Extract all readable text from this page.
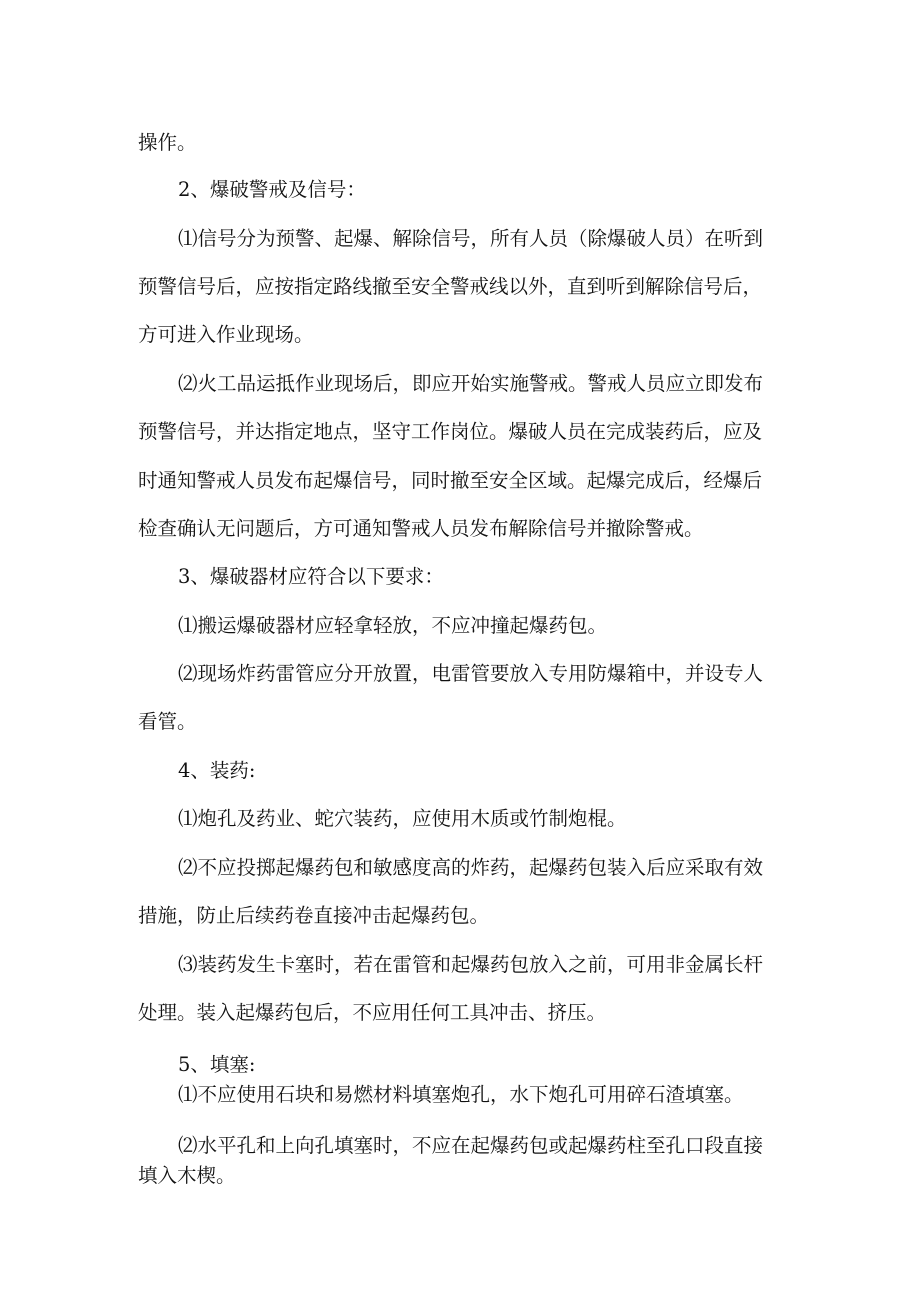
操作。
2、爆破警戒及信号：
⑴信号分为预警、起爆、解除信号，所有人员（除爆破人员）在听到
预警信号后，应按指定路线撤至安全警戒线以外，直到听到解除信号后，
方可进入作业现场。
⑵火工品运抵作业现场后，即应开始实施警戒。警戒人员应立即发布
预警信号，并达指定地点，坚守工作岗位。爆破人员在完成装药后，应及
时通知警戒人员发布起爆信号，同时撤至安全区域。起爆完成后，经爆后
检查确认无问题后，方可通知警戒人员发布解除信号并撤除警戒。
3、爆破器材应符合以下要求：
⑴搬运爆破器材应轻拿轻放，不应冲撞起爆药包。
⑵现场炸药雷管应分开放置，电雷管要放入专用防爆箱中，并设专人
看管。
4、装药:
⑴炮孔及药业、蛇穴装药，应使用木质或竹制炮棍。
⑵不应投掷起爆药包和敏感度高的炸药，起爆药包装入后应采取有效
措施，防止后续药卷直接冲击起爆药包。
⑶装药发生卡塞时，若在雷管和起爆药包放入之前，可用非金属长杆
处理。装入起爆药包后，不应用任何工具冲击、挤压。
5、填塞:
⑴不应使用石块和易燃材料填塞炮孔，水下炮孔可用碎石渣填塞。
⑵水平孔和上向孔填塞时，不应在起爆药包或起爆药柱至孔口段直接
填入木楔。
